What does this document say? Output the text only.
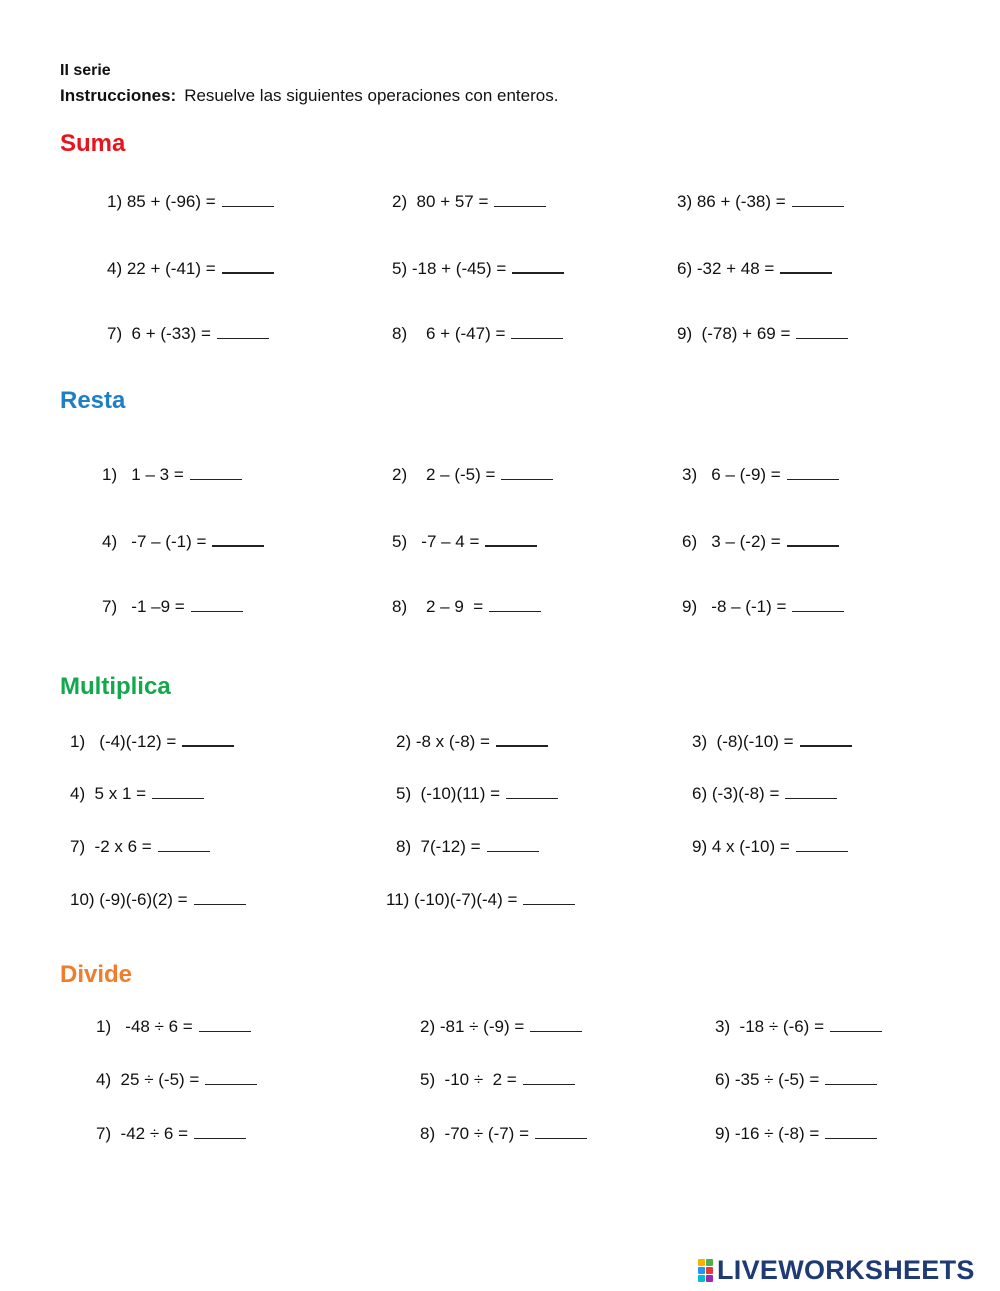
II serie
Instrucciones: Resuelve las siguientes operaciones con enteros.
Suma
1) 85 + (-96) =	2)  80 + 57 =	3) 86 + (-38) =
4) 22 + (-41) =	5) -18 + (-45) =	6) -32 + 48 =
7)  6 + (-33) =	8)    6 + (-47) =	9)  (-78) + 69 =
Resta
1)   1 – 3 =	2)    2 – (-5) =	3)   6 – (-9) =
4)   -7 – (-1) =	5)   -7 – 4 =	6)   3 – (-2) =
7)   -1 –9 =	8)    2 – 9  =	9)   -8 – (-1) =
Multiplica
1)   (-4)(-12) =	2) -8 x (-8) =	3)  (-8)(-10) =
4)  5 x 1 =	5)  (-10)(11) =	6) (-3)(-8) =
7)  -2 x 6 =	8)  7(-12) =	9) 4 x (-10) =
10) (-9)(-6)(2) =	11) (-10)(-7)(-4) =
Divide
1)   -48 ÷ 6 =	2) -81 ÷ (-9) =	3)  -18 ÷ (-6) =
4)  25 ÷ (-5) =	5)  -10 ÷  2 =	6) -35 ÷ (-5) =
7)  -42 ÷ 6 =	8)  -70 ÷ (-7) =	9) -16 ÷ (-8) =
LIVEWORKSHEETS
